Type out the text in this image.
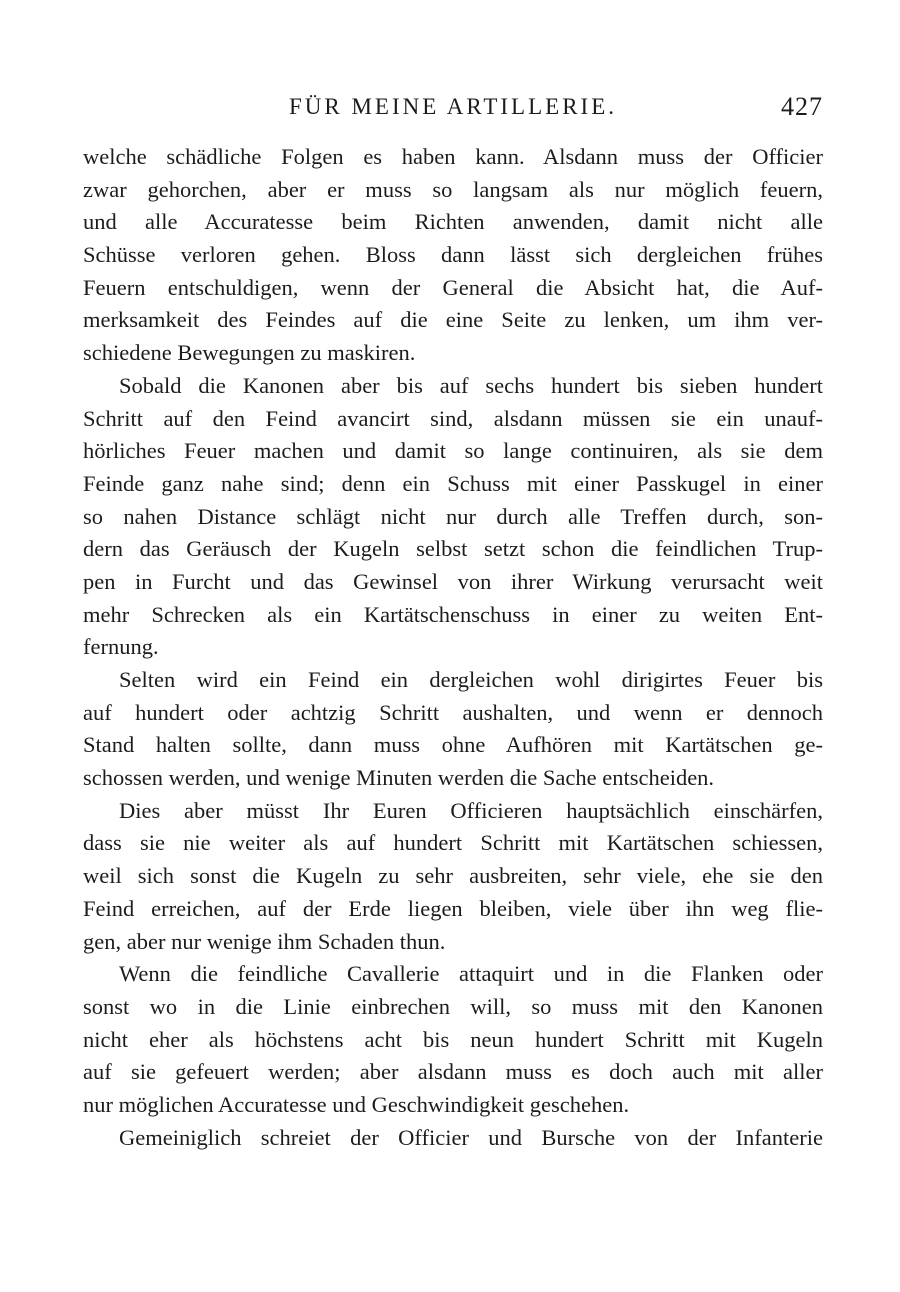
FÜR MEINE ARTILLERIE.	427
welche schädliche Folgen es haben kann. Alsdann muss der Officier
zwar gehorchen, aber er muss so langsam als nur möglich feuern,
und alle Accuratesse beim Richten anwenden, damit nicht alle
Schüsse verloren gehen. Bloss dann lässt sich dergleichen frühes
Feuern entschuldigen, wenn der General die Absicht hat, die Auf-
merksamkeit des Feindes auf die eine Seite zu lenken, um ihm ver-
schiedene Bewegungen zu maskiren.
Sobald die Kanonen aber bis auf sechs hundert bis sieben hundert
Schritt auf den Feind avancirt sind, alsdann müssen sie ein unauf-
hörliches Feuer machen und damit so lange continuiren, als sie dem
Feinde ganz nahe sind; denn ein Schuss mit einer Passkugel in einer
so nahen Distance schlägt nicht nur durch alle Treffen durch, son-
dern das Geräusch der Kugeln selbst setzt schon die feindlichen Trup-
pen in Furcht und das Gewinsel von ihrer Wirkung verursacht weit
mehr Schrecken als ein Kartätschenschuss in einer zu weiten Ent-
fernung.
Selten wird ein Feind ein dergleichen wohl dirigirtes Feuer bis
auf hundert oder achtzig Schritt aushalten, und wenn er dennoch
Stand halten sollte, dann muss ohne Aufhören mit Kartätschen ge-
schossen werden, und wenige Minuten werden die Sache entscheiden.
Dies aber müsst Ihr Euren Officieren hauptsächlich einschärfen,
dass sie nie weiter als auf hundert Schritt mit Kartätschen schiessen,
weil sich sonst die Kugeln zu sehr ausbreiten, sehr viele, ehe sie den
Feind erreichen, auf der Erde liegen bleiben, viele über ihn weg flie-
gen, aber nur wenige ihm Schaden thun.
Wenn die feindliche Cavallerie attaquirt und in die Flanken oder
sonst wo in die Linie einbrechen will, so muss mit den Kanonen
nicht eher als höchstens acht bis neun hundert Schritt mit Kugeln
auf sie gefeuert werden; aber alsdann muss es doch auch mit aller
nur möglichen Accuratesse und Geschwindigkeit geschehen.
Gemeiniglich schreiet der Officier und Bursche von der Infanterie
